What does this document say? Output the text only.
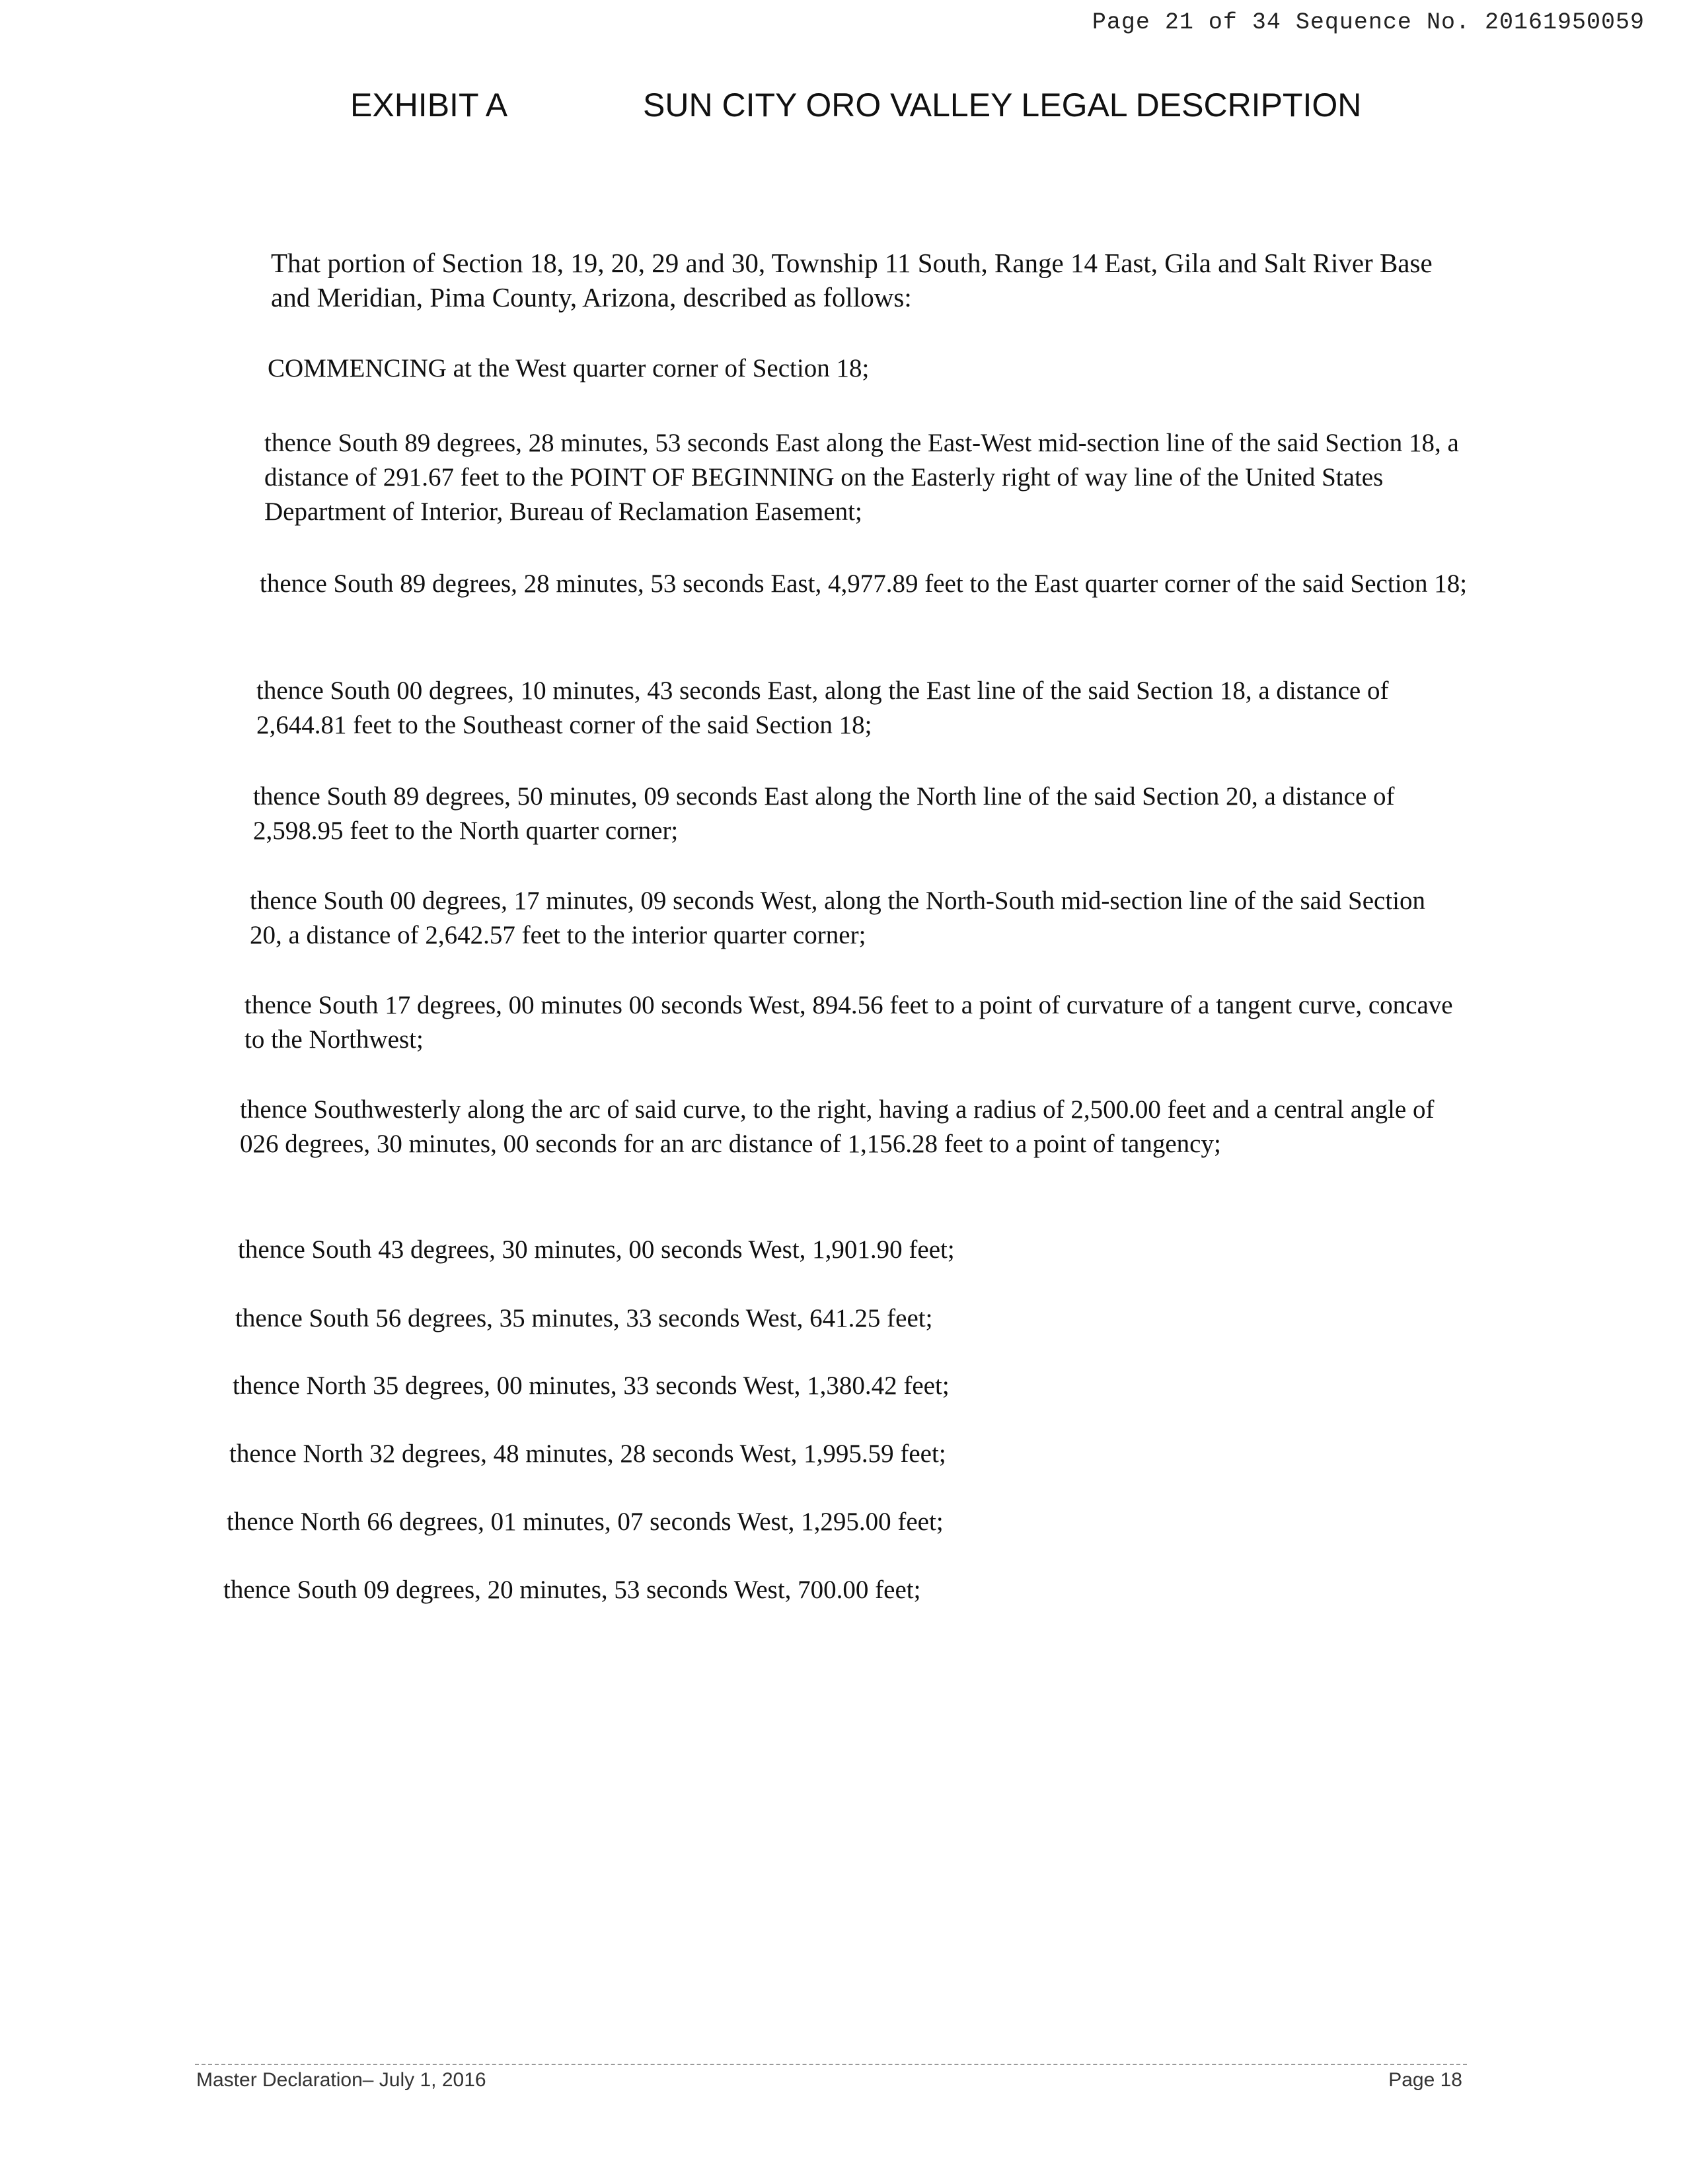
Page 21 of 34 Sequence No. 20161950059
EXHIBIT A	SUN CITY ORO VALLEY LEGAL DESCRIPTION

That portion of Section 18, 19, 20, 29 and 30, Township 11 South, Range 14 East, Gila and Salt River Base and Meridian, Pima County, Arizona, described as follows:

COMMENCING at the West quarter corner of Section 18;

thence South 89 degrees, 28 minutes, 53 seconds East along the East-West mid-section line of the said Section 18, a distance of 291.67 feet to the POINT OF BEGINNING on the Easterly right of way line of the United States Department of Interior, Bureau of Reclamation Easement;

thence South 89 degrees, 28 minutes, 53 seconds East, 4,977.89 feet to the East quarter corner of the said Section 18;

thence South 00 degrees, 10 minutes, 43 seconds East, along the East line of the said Section 18, a distance of 2,644.81 feet to the Southeast corner of the said Section 18;

thence South 89 degrees, 50 minutes, 09 seconds East along the North line of the said Section 20, a distance of 2,598.95 feet to the North quarter corner;

thence South 00 degrees, 17 minutes, 09 seconds West, along the North-South mid-section line of the said Section 20, a distance of 2,642.57 feet to the interior quarter corner;

thence South 17 degrees, 00 minutes 00 seconds West, 894.56 feet to a point of curvature of a tangent curve, concave to the Northwest;

thence Southwesterly along the arc of said curve, to the right, having a radius of 2,500.00 feet and a central angle of 026 degrees, 30 minutes, 00 seconds for an arc distance of 1,156.28 feet to a point of tangency;

thence South 43 degrees, 30 minutes, 00 seconds West, 1,901.90 feet;

thence South 56 degrees, 35 minutes, 33 seconds West, 641.25 feet;

thence North 35 degrees, 00 minutes, 33 seconds West, 1,380.42 feet;

thence North 32 degrees, 48 minutes, 28 seconds West, 1,995.59 feet;

thence North 66 degrees, 01 minutes, 07 seconds West, 1,295.00 feet;

thence South 09 degrees, 20 minutes, 53 seconds West, 700.00 feet;

Master Declaration– July 1, 2016	Page 18
